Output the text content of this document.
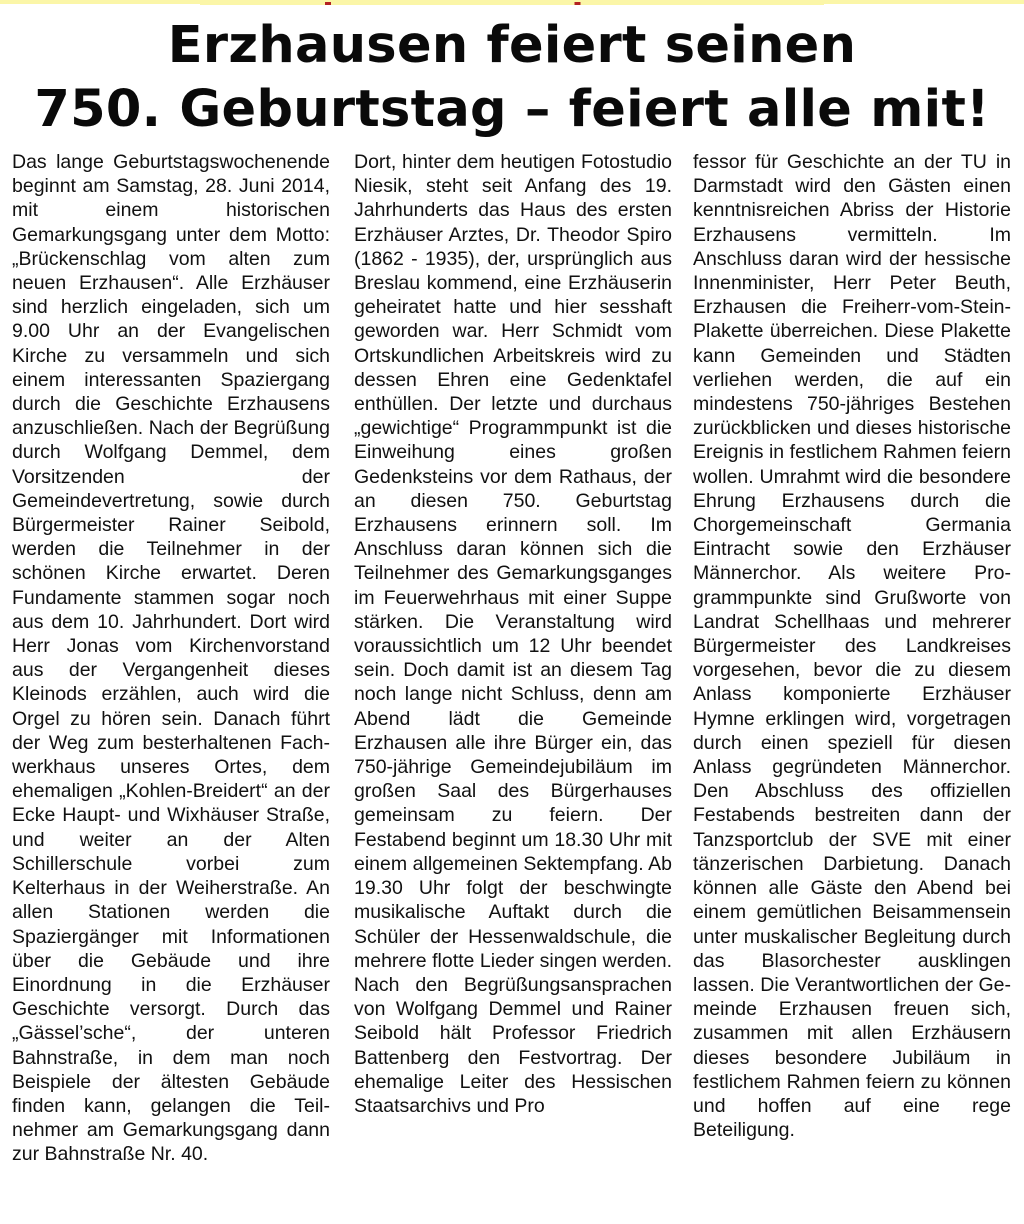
Erzhausen feiert seinen
750. Geburtstag – feiert alle mit!

Das lange Geburtstagswochenende beginnt am Samstag, 28. Juni 2014, mit einem historischen Gemarkungsgang unter dem Motto: „Brückenschlag vom alten zum neuen Erzhausen“. Alle Erzhäuser sind herzlich eingeladen, sich um 9.00 Uhr an der Evangelischen Kirche zu versammeln und sich einem interessanten Spaziergang durch die Geschichte Erzhausens anzuschließen. Nach der Begrüßung durch Wolfgang Demmel, dem Vorsitzenden der Gemeindevertretung, sowie durch Bürgermeister Rainer Seibold, werden die Teilnehmer in der schönen Kirche erwartet. Deren Fundamente stammen sogar noch aus dem 10. Jahrhundert. Dort wird Herr Jonas vom Kirchenvorstand aus der Vergangenheit dieses Kleinods erzählen, auch wird die Orgel zu hören sein. Danach führt der Weg zum besterhaltenen Fachwerkhaus unseres Ortes, dem ehemaligen „Kohlen-Breidert“ an der Ecke Haupt- und Wixhäuser Straße, und weiter an der Alten Schillerschule vorbei zum Kelterhaus in der Weiherstraße. An allen Stationen werden die Spaziergänger mit Informationen über die Gebäude und ihre Einordnung in die Erzhäuser Geschichte versorgt. Durch das „Gässel’sche“, der unteren Bahnstraße, in dem man noch Beispiele der ältesten Gebäude finden kann, gelangen die Teilnehmer am Gemarkungsgang dann zur Bahnstraße Nr. 40.

Dort, hinter dem heutigen Fotostudio Niesik, steht seit Anfang des 19. Jahrhunderts das Haus des ersten Erzhäuser Arztes, Dr. Theodor Spiro (1862 - 1935), der, ursprünglich aus Breslau kommend, eine Erzhäuserin geheiratet hatte und hier sesshaft geworden war. Herr Schmidt vom Ortskundlichen Arbeitskreis wird zu dessen Ehren eine Gedenktafel enthüllen. Der letzte und durchaus „gewichtige“ Programmpunkt ist die Einweihung eines großen Gedenksteins vor dem Rathaus, der an diesen 750. Geburtstag Erzhausens erinnern soll. Im Anschluss daran können sich die Teilnehmer des Gemarkungsganges im Feuerwehrhaus mit einer Suppe stärken. Die Veranstaltung wird voraussichtlich um 12 Uhr beendet sein. Doch damit ist an diesem Tag noch lange nicht Schluss, denn am Abend lädt die Gemeinde Erzhausen alle ihre Bürger ein, das 750-jährige Gemeindejubiläum im großen Saal des Bürgerhauses gemeinsam zu feiern. Der Festabend beginnt um 18.30 Uhr mit einem allgemeinen Sektempfang. Ab 19.30 Uhr folgt der beschwingte musikalische Auftakt durch die Schüler der Hessenwaldschule, die mehrere flotte Lieder singen werden. Nach den Begrüßungsansprachen von Wolfgang Demmel und Rainer Seibold hält Professor Friedrich Battenberg den Festvortrag. Der ehemalige Leiter des Hessischen Staatsarchivs und Pro

fessor für Geschichte an der TU in Darmstadt wird den Gästen einen kenntnisreichen Abriss der Historie Erzhausens vermitteln. Im Anschluss daran wird der hessische Innenminister, Herr Peter Beuth, Erzhausen die Freiherr-vom-Stein-Plakette überreichen. Diese Plakette kann Gemeinden und Städten verliehen werden, die auf ein mindestens 750-jähriges Bestehen zurückblicken und dieses historische Ereignis in festlichem Rahmen feiern wollen. Umrahmt wird die besondere Ehrung Erzhausens durch die Chorgemeinschaft Germania Eintracht sowie den Erzhäuser Männerchor. Als weitere Programmpunkte sind Grußworte von Landrat Schellhaas und mehrerer Bürgermeister des Landkreises vorgesehen, bevor die zu diesem Anlass komponierte Erzhäuser Hymne erklingen wird, vorgetragen durch einen speziell für diesen Anlass gegründeten Männerchor. Den Abschluss des offiziellen Festabends bestreiten dann der Tanzsportclub der SVE mit einer tänzerischen Darbietung. Danach können alle Gäste den Abend bei einem gemütlichen Beisammensein unter muskalischer Begleitung durch das Blasorchester ausklingen lassen. Die Verantwortlichen der Gemeinde Erzhausen freuen sich, zusammen mit allen Erzhäusern dieses besondere Jubiläum in festlichem Rahmen feiern zu können und hoffen auf eine rege Beteiligung.
